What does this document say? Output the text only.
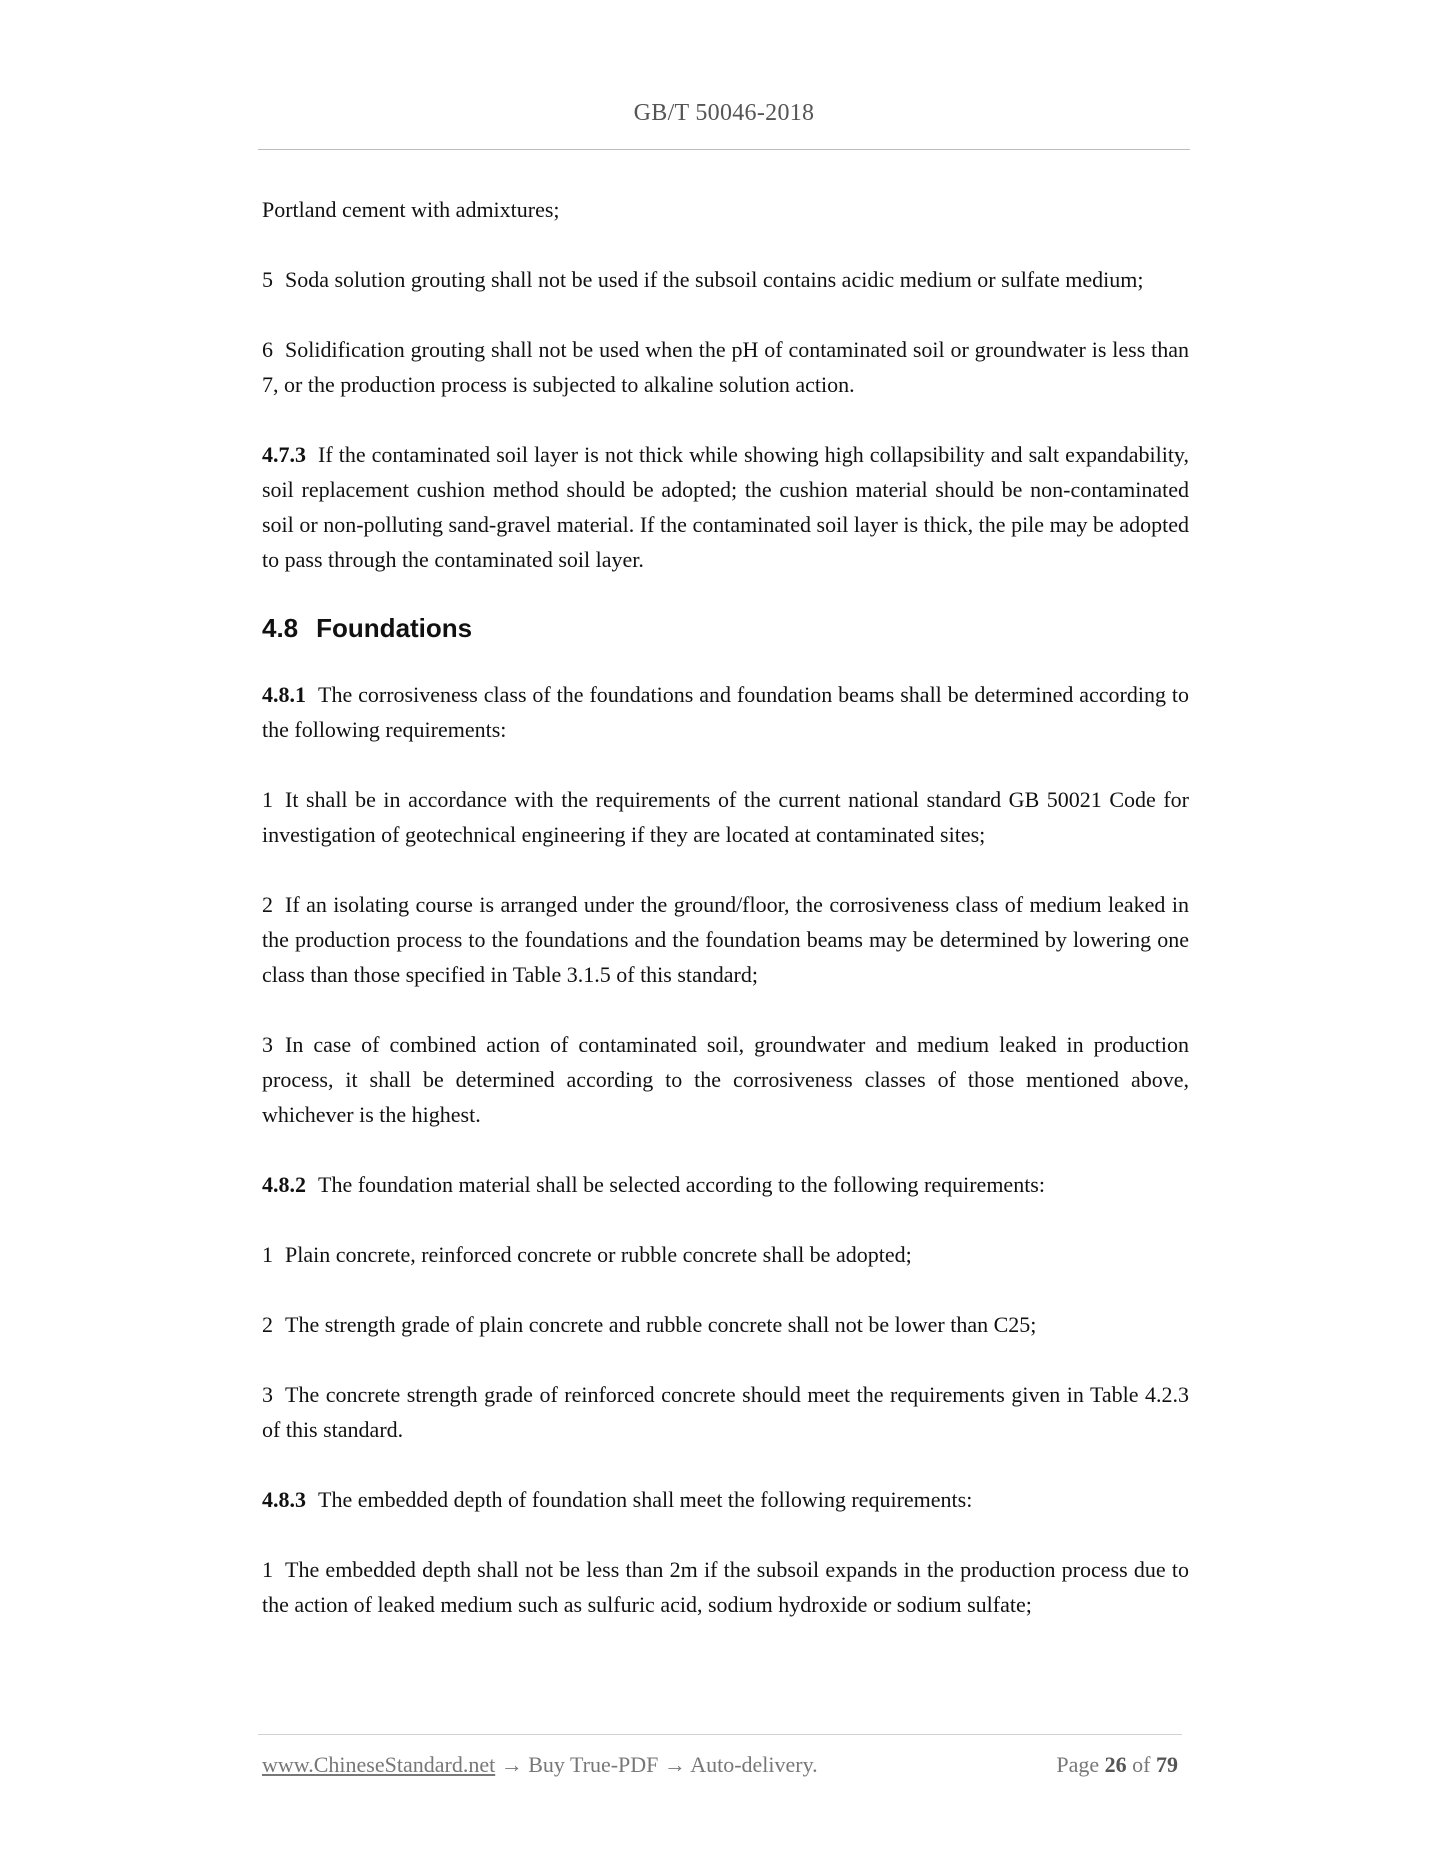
GB/T 50046-2018

Portland cement with admixtures;

5 Soda solution grouting shall not be used if the subsoil contains acidic medium or sulfate medium;

6 Solidification grouting shall not be used when the pH of contaminated soil or groundwater is less than 7, or the production process is subjected to alkaline solution action.

4.7.3 If the contaminated soil layer is not thick while showing high collapsibility and salt expandability, soil replacement cushion method should be adopted; the cushion material should be non-contaminated soil or non-polluting sand-gravel material. If the contaminated soil layer is thick, the pile may be adopted to pass through the contaminated soil layer.

4.8 Foundations

4.8.1 The corrosiveness class of the foundations and foundation beams shall be determined according to the following requirements:

1 It shall be in accordance with the requirements of the current national standard GB 50021 Code for investigation of geotechnical engineering if they are located at contaminated sites;

2 If an isolating course is arranged under the ground/floor, the corrosiveness class of medium leaked in the production process to the foundations and the foundation beams may be determined by lowering one class than those specified in Table 3.1.5 of this standard;

3 In case of combined action of contaminated soil, groundwater and medium leaked in production process, it shall be determined according to the corrosiveness classes of those mentioned above, whichever is the highest.

4.8.2 The foundation material shall be selected according to the following requirements:

1 Plain concrete, reinforced concrete or rubble concrete shall be adopted;

2 The strength grade of plain concrete and rubble concrete shall not be lower than C25;

3 The concrete strength grade of reinforced concrete should meet the requirements given in Table 4.2.3 of this standard.

4.8.3 The embedded depth of foundation shall meet the following requirements:

1 The embedded depth shall not be less than 2m if the subsoil expands in the production process due to the action of leaked medium such as sulfuric acid, sodium hydroxide or sodium sulfate;

www.ChineseStandard.net → Buy True-PDF → Auto-delivery.	Page 26 of 79
